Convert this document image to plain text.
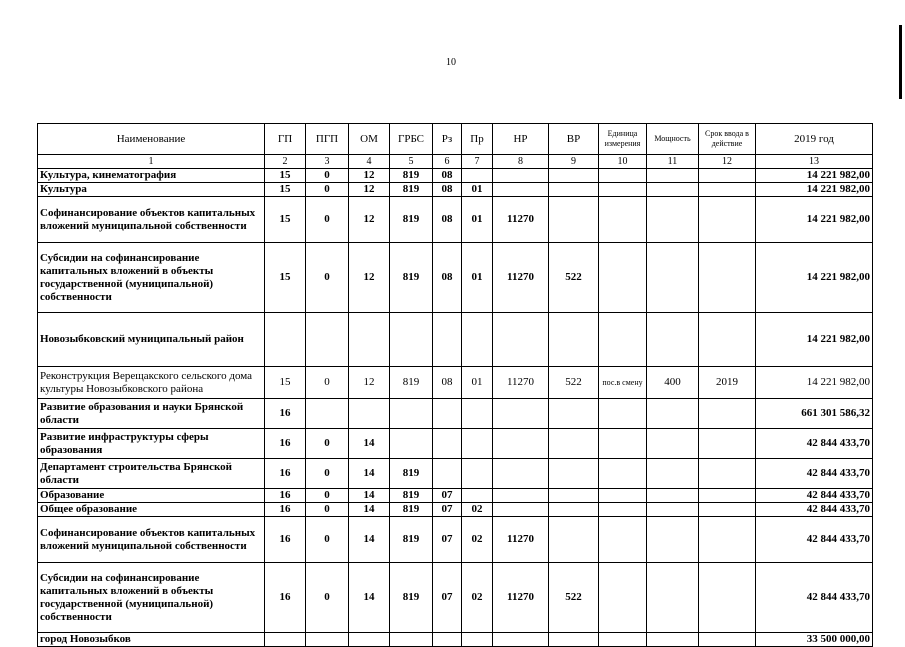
10
Наименование	ГП	ПГП	ОМ	ГРБС	Рз	Пр	НР	ВР	Единица измерения	Мощность	Срок ввода в действие	2019 год
1	2	3	4	5	6	7	8	9	10	11	12	13
Культура, кинематография	15	0	12	819	08							14 221 982,00
Культура	15	0	12	819	08	01						14 221 982,00
Софинансирование объектов капитальных вложений муниципальной собственности	15	0	12	819	08	01	11270					14 221 982,00
Субсидии на софинансирование капитальных вложений в объекты государственной (муниципальной) собственности	15	0	12	819	08	01	11270	522				14 221 982,00
Новозыбковский муниципальный район												14 221 982,00
Реконструкция Верещакского сельского дома культуры Новозыбковского района	15	0	12	819	08	01	11270	522	пос.в смену	400	2019	14 221 982,00
Развитие образования и науки Брянской области	16											661 301 586,32
Развитие инфраструктуры сферы образования	16	0	14									42 844 433,70
Департамент строительства Брянской области	16	0	14	819								42 844 433,70
Образование	16	0	14	819	07							42 844 433,70
Общее образование	16	0	14	819	07	02						42 844 433,70
Софинансирование объектов капитальных вложений муниципальной собственности	16	0	14	819	07	02	11270					42 844 433,70
Субсидии на софинансирование капитальных вложений в объекты государственной (муниципальной) собственности	16	0	14	819	07	02	11270	522				42 844 433,70
город Новозыбков												33 500 000,00
